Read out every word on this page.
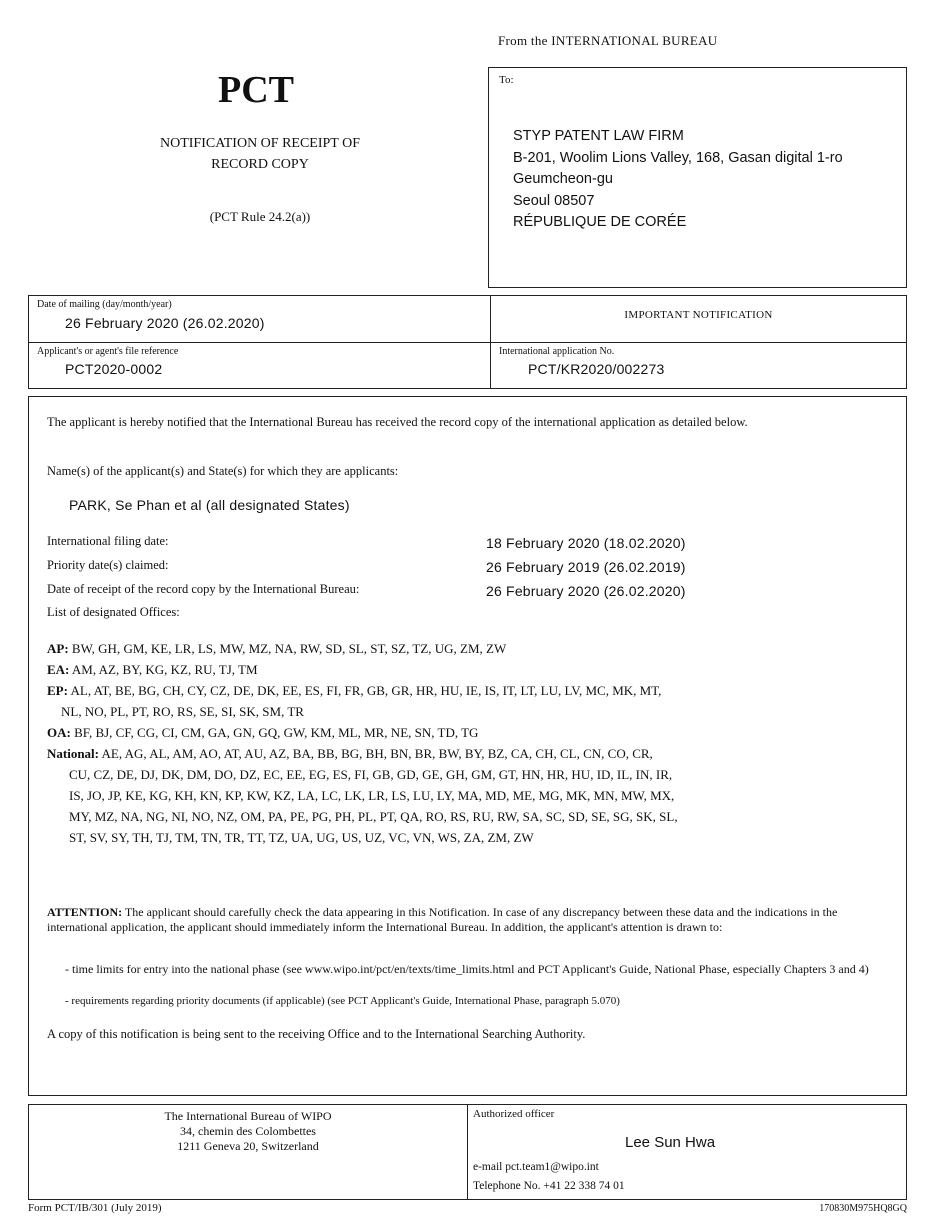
From the INTERNATIONAL BUREAU
PCT
NOTIFICATION OF RECEIPT OF
RECORD COPY
(PCT Rule 24.2(a))
To:
STYP PATENT LAW FIRM
B-201, Woolim Lions Valley, 168, Gasan digital 1-ro
Geumcheon-gu
Seoul 08507
RÉPUBLIQUE DE CORÉE
Date of mailing (day/month/year)
26 February 2020 (26.02.2020)	IMPORTANT NOTIFICATION
Applicant's or agent's file reference
PCT2020-0002
International application No.
PCT/KR2020/002273
The applicant is hereby notified that the International Bureau has received the record copy of the international application as detailed below.
Name(s) of the applicant(s) and State(s) for which they are applicants:
PARK, Se Phan et al (all designated States)
International filing date:	18 February 2020 (18.02.2020)
Priority date(s) claimed:	26 February 2019 (26.02.2019)
Date of receipt of the record copy by the International Bureau:	26 February 2020 (26.02.2020)
List of designated Offices:
AP: BW, GH, GM, KE, LR, LS, MW, MZ, NA, RW, SD, SL, ST, SZ, TZ, UG, ZM, ZW
EA: AM, AZ, BY, KG, KZ, RU, TJ, TM
EP: AL, AT, BE, BG, CH, CY, CZ, DE, DK, EE, ES, FI, FR, GB, GR, HR, HU, IE, IS, IT, LT, LU, LV, MC, MK, MT,
NL, NO, PL, PT, RO, RS, SE, SI, SK, SM, TR
OA: BF, BJ, CF, CG, CI, CM, GA, GN, GQ, GW, KM, ML, MR, NE, SN, TD, TG
National: AE, AG, AL, AM, AO, AT, AU, AZ, BA, BB, BG, BH, BN, BR, BW, BY, BZ, CA, CH, CL, CN, CO, CR,
CU, CZ, DE, DJ, DK, DM, DO, DZ, EC, EE, EG, ES, FI, GB, GD, GE, GH, GM, GT, HN, HR, HU, ID, IL, IN, IR,
IS, JO, JP, KE, KG, KH, KN, KP, KW, KZ, LA, LC, LK, LR, LS, LU, LY, MA, MD, ME, MG, MK, MN, MW, MX,
MY, MZ, NA, NG, NI, NO, NZ, OM, PA, PE, PG, PH, PL, PT, QA, RO, RS, RU, RW, SA, SC, SD, SE, SG, SK, SL,
ST, SV, SY, TH, TJ, TM, TN, TR, TT, TZ, UA, UG, US, UZ, VC, VN, WS, ZA, ZM, ZW
ATTENTION: The applicant should carefully check the data appearing in this Notification. In case of any discrepancy between these data and the indications in the international application, the applicant should immediately inform the International Bureau. In addition, the applicant's attention is drawn to:
- time limits for entry into the national phase (see www.wipo.int/pct/en/texts/time_limits.html and PCT Applicant's Guide, National Phase, especially Chapters 3 and 4)
- requirements regarding priority documents (if applicable) (see PCT Applicant's Guide, International Phase, paragraph 5.070)
A copy of this notification is being sent to the receiving Office and to the International Searching Authority.
The International Bureau of WIPO
34, chemin des Colombettes
1211 Geneva 20, Switzerland
Authorized officer
Lee Sun Hwa
e-mail pct.team1@wipo.int
Telephone No. +41 22 338 74 01
Form PCT/IB/301 (July 2019)	170830M975HQ8GQ
